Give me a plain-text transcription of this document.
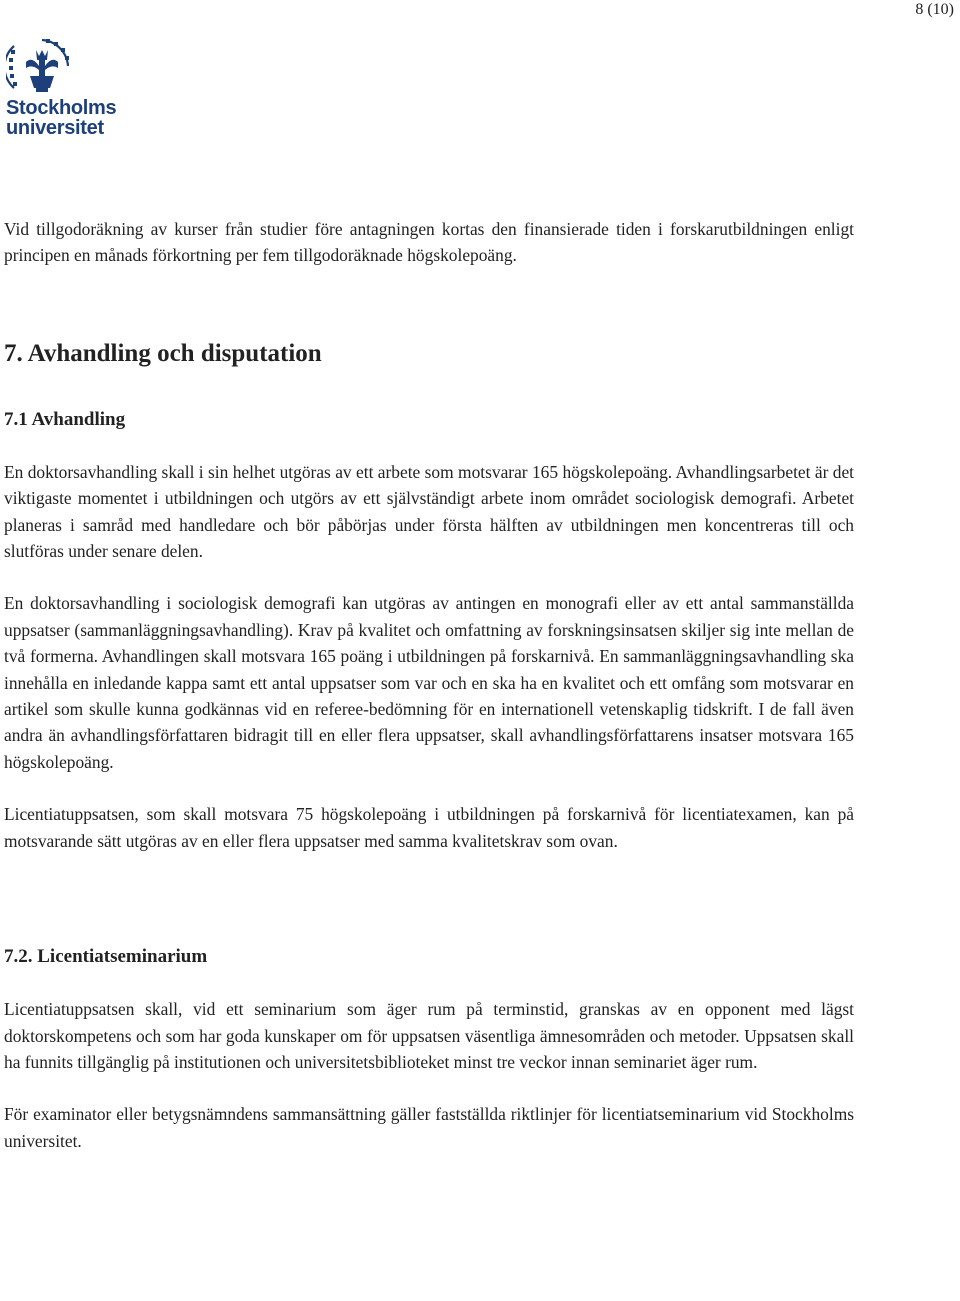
8 (10)
Stockholms
universitet

Vid tillgodoräkning av kurser från studier före antagningen kortas den finansierade tiden i forskarutbildningen enligt principen en månads förkortning per fem tillgodoräknade högskolepoäng.

7. Avhandling och disputation
7.1 Avhandling

En doktorsavhandling skall i sin helhet utgöras av ett arbete som motsvarar 165 högskolepoäng. Avhandlingsarbetet är det viktigaste momentet i utbildningen och utgörs av ett självständigt arbete inom området sociologisk demografi. Arbetet planeras i samråd med handledare och bör påbörjas under första hälften av utbildningen men koncentreras till och slutföras under senare delen.

En doktorsavhandling i sociologisk demografi kan utgöras av antingen en monografi eller av ett antal sammanställda uppsatser (sammanläggningsavhandling). Krav på kvalitet och omfattning av forskningsinsatsen skiljer sig inte mellan de två formerna. Avhandlingen skall motsvara 165 poäng i utbildningen på forskarnivå. En sammanläggningsavhandling ska innehålla en inledande kappa samt ett antal uppsatser som var och en ska ha en kvalitet och ett omfång som motsvarar en artikel som skulle kunna godkännas vid en referee-bedömning för en internationell vetenskaplig tidskrift. I de fall även andra än avhandlingsförfattaren bidragit till en eller flera uppsatser, skall avhandlingsförfattarens insatser motsvara 165 högskolepoäng.

Licentiatuppsatsen, som skall motsvara 75 högskolepoäng i utbildningen på forskarnivå för licentiatexamen, kan på motsvarande sätt utgöras av en eller flera uppsatser med samma kvalitetskrav som ovan.

7.2. Licentiatseminarium

Licentiatuppsatsen skall, vid ett seminarium som äger rum på terminstid, granskas av en opponent med lägst doktorskompetens och som har goda kunskaper om för uppsatsen väsentliga ämnesområden och metoder. Uppsatsen skall ha funnits tillgänglig på institutionen och universitetsbiblioteket minst tre veckor innan seminariet äger rum.

För examinator eller betygsnämndens sammansättning gäller fastställda riktlinjer för licentiatseminarium vid Stockholms universitet.
